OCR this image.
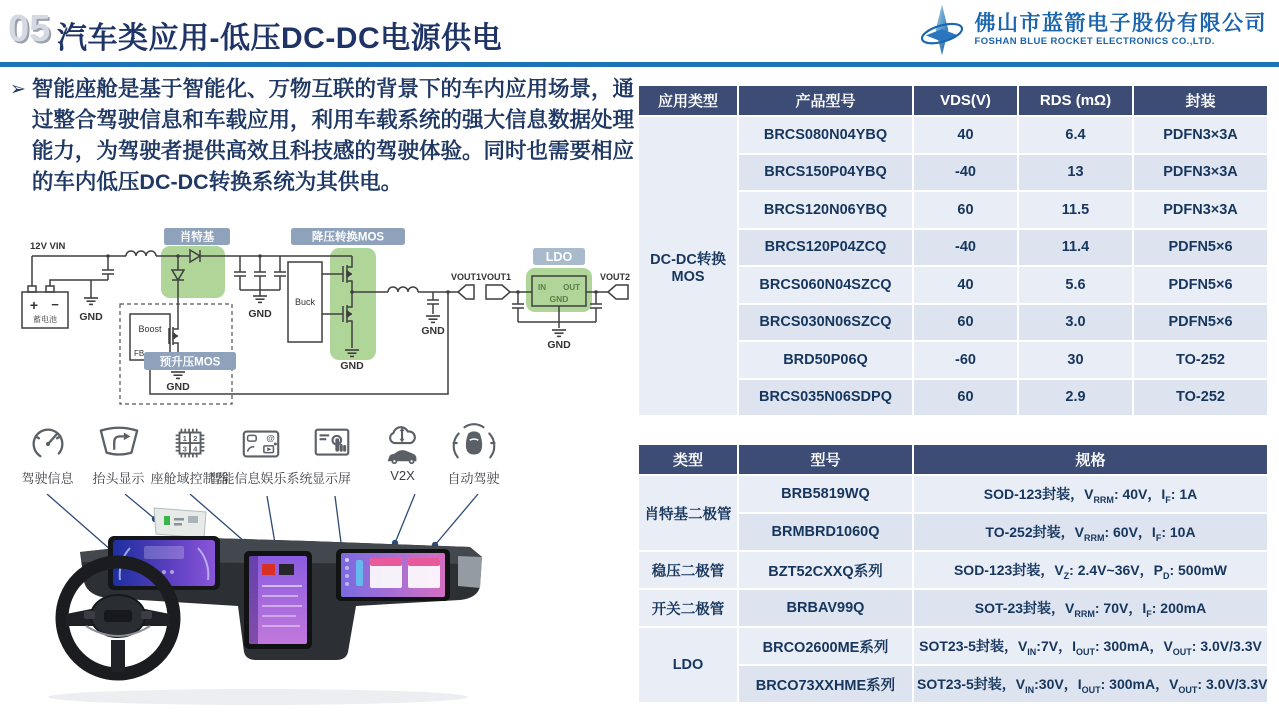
05 汽车类应用-低压DC-DC电源供电	佛山市蓝箭电子股份有限公司
FOSHAN BLUE ROCKET ELECTRONICS CO.,LTD.
➢ 智能座舱是基于智能化、万物互联的背景下的车内应用场景，通过整合驾驶信息和车载应用，利用车载系统的强大信息数据处理能力，为驾驶者提供高效且科技感的驾驶体验。同时也需要相应的车内低压DC-DC转换系统为其供电。

12V VIN
+ −
蓄电池 GND	GND
GND
GND
GND
GND
Boost
FB
Buck
VOUT1 VOUT1	VOUT2
IN OUT
GND
肖特基	降压转换MOS
预升压MOS
LDO
驾驶信息 抬头显示
1 2
3 4
座舱域控制器
@
智能信息娱乐系统 显示屏	V2X	自动驾驶
应用类型	产品型号	VDS(V)	RDS (mΩ)	封装
DC-DC转换MOS	BRCS080N04YBQ	40	6.4	PDFN3×3A
	BRCS150P04YBQ	-40	13	PDFN3×3A
	BRCS120N06YBQ	60	11.5	PDFN3×3A
	BRCS120P04ZCQ	-40	11.4	PDFN5×6
	BRCS060N04SZCQ	40	5.6	PDFN5×6
	BRCS030N06SZCQ	60	3.0	PDFN5×6
	BRD50P06Q	-60	30	TO-252
	BRCS035N06SDPQ	60	2.9	TO-252
类型	型号	规格
肖特基二极管	BRB5819WQ	SOD-123封装，$V_{RRM}$: 40V，$I_F$: 1A
	BRMBRD1060Q	TO-252封装，$V_{RRM}$: 60V，$I_F$: 10A
稳压二极管	BZT52CXXQ系列	SOD-123封装，$V_Z$: 2.4V~36V，$P_D$: 500mW
开关二极管	BRBAV99Q	SOT-23封装，$V_{RRM}$: 70V，$I_F$: 200mA
LDO	BRCO2600ME系列	SOT23-5封装，$V_{IN}:7V$，$I_{OUT}$: 300mA，$V_{OUT}$: 3.0V/3.3V
	BRCO73XXHME系列	SOT23-5封装，$V_{IN}:30V$，$I_{OUT}$: 300mA，$V_{OUT}$: 3.0V/3.3V
